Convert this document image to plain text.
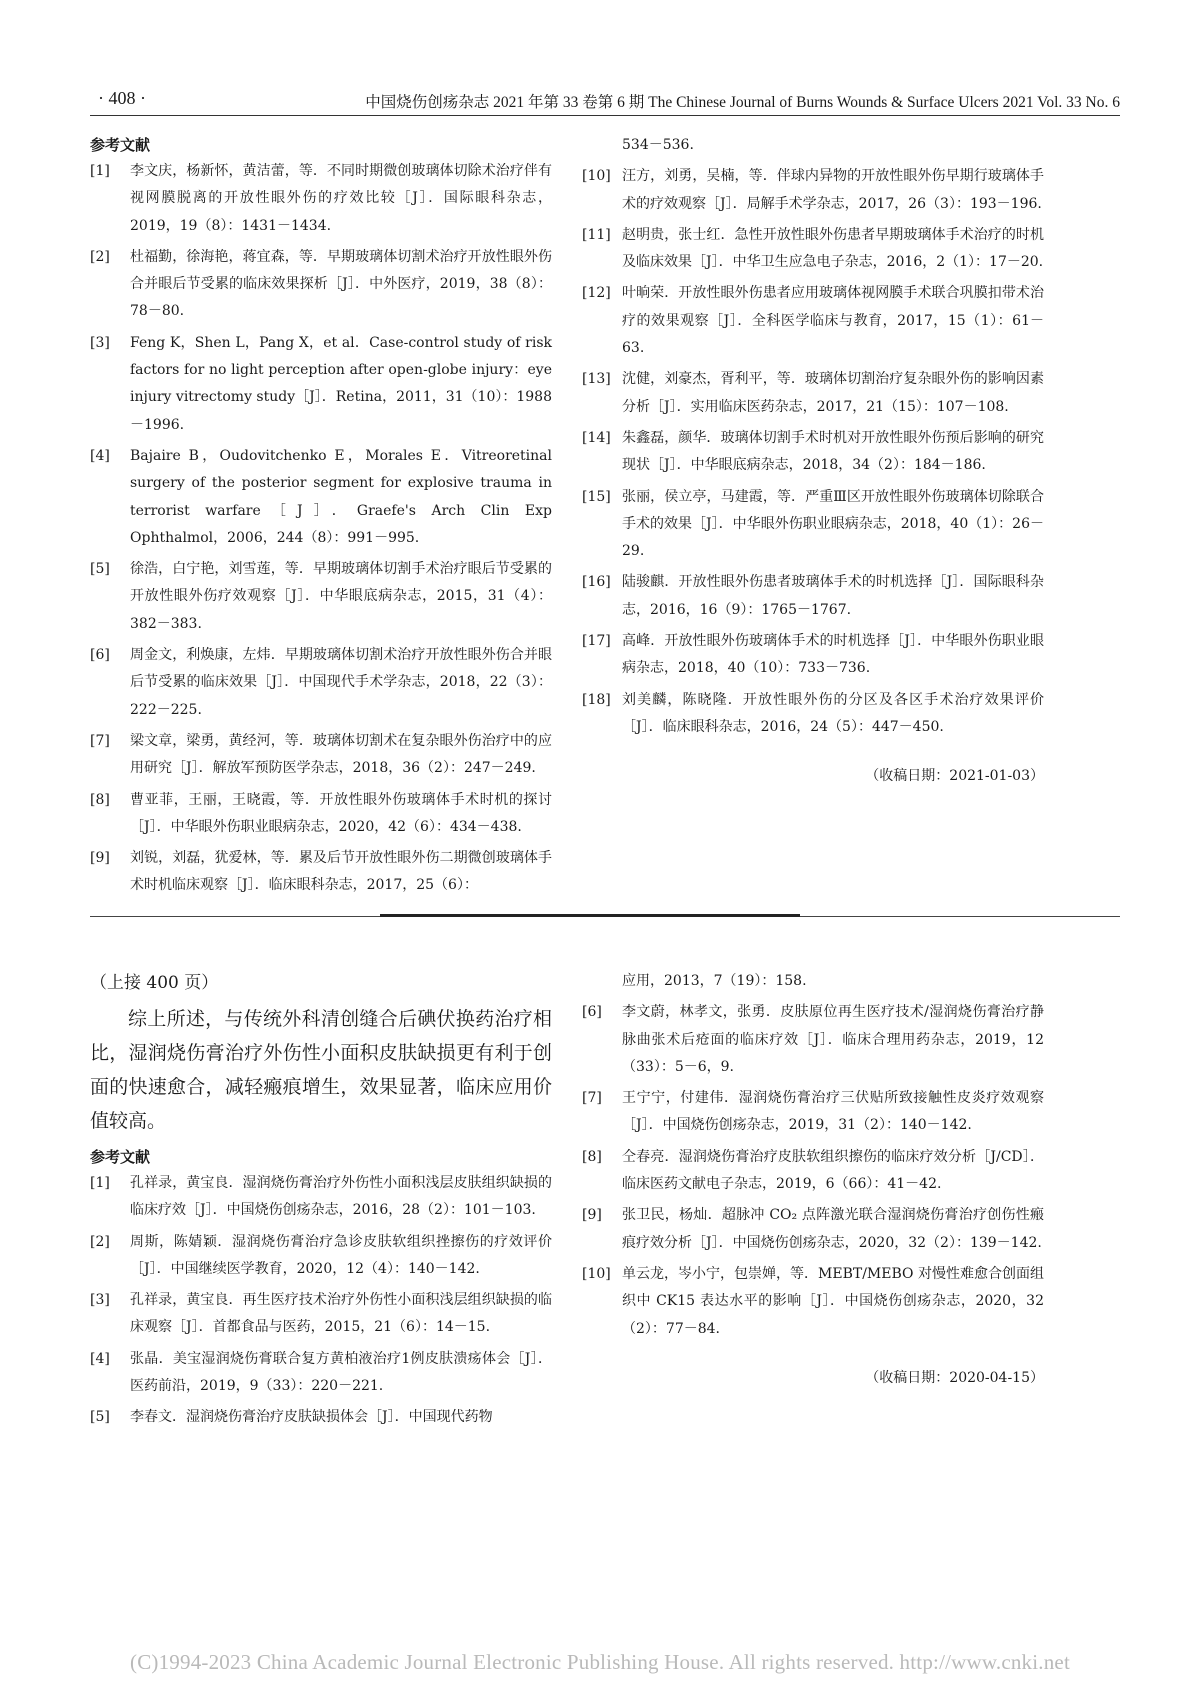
· 408 ·	中国烧伤创疡杂志 2021 年第 33 卷第 6 期 The Chinese Journal of Burns Wounds & Surface Ulcers 2021 Vol. 33 No. 6

参考文献

[1]	李文庆，杨新怀，黄洁蕾，等．不同时期微创玻璃体切除术治疗伴有视网膜脱离的开放性眼外伤的疗效比较［J］．国际眼科杂志，2019，19（8）：1431－1434.

[2]	杜福勤，徐海艳，蒋宜森，等．早期玻璃体切割术治疗开放性眼外伤合并眼后节受累的临床效果探析［J］．中外医疗，2019，38（8）：78－80.

[3]	Feng K，Shen L，Pang X，et al．Case-control study of risk factors for no light perception after open-globe injury：eye injury vitrectomy study［J］．Retina，2011，31（10）：1988－1996.

[4]	Bajaire B，Oudovitchenko E，Morales E．Vitreoretinal surgery of the posterior segment for explosive trauma in terrorist warfare［J］．Graefe's Arch Clin Exp Ophthalmol，2006，244（8）：991－995.

[5]	徐浩，白宁艳，刘雪莲，等．早期玻璃体切割手术治疗眼后节受累的开放性眼外伤疗效观察［J］．中华眼底病杂志，2015，31（4）：382－383.

[6]	周金文，利焕康，左炜．早期玻璃体切割术治疗开放性眼外伤合并眼后节受累的临床效果［J］．中国现代手术学杂志，2018，22（3）：222－225.

[7]	梁文章，梁勇，黄经河，等．玻璃体切割术在复杂眼外伤治疗中的应用研究［J］．解放军预防医学杂志，2018，36（2）：247－249.

[8]	曹亚菲，王丽，王晓霞，等．开放性眼外伤玻璃体手术时机的探讨［J］．中华眼外伤职业眼病杂志，2020，42（6）：434－438.

[9]	刘锐，刘磊，犹爱林，等．累及后节开放性眼外伤二期微创玻璃体手术时机临床观察［J］．临床眼科杂志，2017，25（6）：

534－536.

[10] 汪方，刘勇，吴楠，等．伴球内异物的开放性眼外伤早期行玻璃体手术的疗效观察［J］．局解手术学杂志，2017，26（3）：193－196.

[11] 赵明贵，张士红．急性开放性眼外伤患者早期玻璃体手术治疗的时机及临床效果［J］．中华卫生应急电子杂志，2016，2（1）：17－20.

[12] 叶晌荣．开放性眼外伤患者应用玻璃体视网膜手术联合巩膜扣带术治疗的效果观察［J］．全科医学临床与教育，2017，15（1）：61－63.

[13] 沈健，刘豪杰，胥利平，等．玻璃体切割治疗复杂眼外伤的影响因素分析［J］．实用临床医药杂志，2017，21（15）：107－108.

[14] 朱鑫磊，颜华．玻璃体切割手术时机对开放性眼外伤预后影响的研究现状［J］．中华眼底病杂志，2018，34（2）：184－186.

[15] 张丽，侯立亭，马建霞，等．严重Ⅲ区开放性眼外伤玻璃体切除联合手术的效果［J］．中华眼外伤职业眼病杂志，2018，40（1）：26－29.

[16] 陆骏麒．开放性眼外伤患者玻璃体手术的时机选择［J］．国际眼科杂志，2016，16（9）：1765－1767.

[17] 高峰．开放性眼外伤玻璃体手术的时机选择［J］．中华眼外伤职业眼病杂志，2018，40（10）：733－736.

[18] 刘美麟，陈晓隆．开放性眼外伤的分区及各区手术治疗效果评价［J］．临床眼科杂志，2016，24（5）：447－450.

（收稿日期：2021-01-03）
（上接 400 页）

综上所述，与传统外科清创缝合后碘伏换药治疗相比，湿润烧伤膏治疗外伤性小面积皮肤缺损更有利于创面的快速愈合，减轻瘢痕增生，效果显著，临床应用价值较高。

参考文献

[1]	孔祥录，黄宝良．湿润烧伤膏治疗外伤性小面积浅层皮肤组织缺损的临床疗效［J］．中国烧伤创疡杂志，2016，28（2）：101－103.

[2]	周斯，陈婧颖．湿润烧伤膏治疗急诊皮肤软组织挫擦伤的疗效评价［J］．中国继续医学教育，2020，12（4）：140－142.

[3]	孔祥录，黄宝良．再生医疗技术治疗外伤性小面积浅层组织缺损的临床观察［J］．首都食品与医药，2015，21（6）：14－15.

[4]	张晶．美宝湿润烧伤膏联合复方黄柏液治疗1例皮肤溃疡体会［J］．医药前沿，2019，9（33）：220－221.

[5]	李春文．湿润烧伤膏治疗皮肤缺损体会［J］．中国现代药物

应用，2013，7（19）：158.

[6]	李文蔚，林孝文，张勇．皮肤原位再生医疗技术/湿润烧伤膏治疗静脉曲张术后疮面的临床疗效［J］．临床合理用药杂志，2019，12（33）：5－6，9.

[7]	王宁宁，付建伟．湿润烧伤膏治疗三伏贴所致接触性皮炎疗效观察［J］．中国烧伤创疡杂志，2019，31（2）：140－142.

[8]	仝春亮．湿润烧伤膏治疗皮肤软组织擦伤的临床疗效分析［J/CD］．临床医药文献电子杂志，2019，6（66）：41－42.

[9]	张卫民，杨灿．超脉冲 CO₂ 点阵激光联合湿润烧伤膏治疗创伤性瘢痕疗效分析［J］．中国烧伤创疡杂志，2020，32（2）：139－142.

[10] 单云龙，岑小宁，包崇婵，等．MEBT/MEBO 对慢性难愈合创面组织中 CK15 表达水平的影响［J］．中国烧伤创疡杂志，2020，32（2）：77－84.

（收稿日期：2020-04-15）
(C)1994-2023 China Academic Journal Electronic Publishing House. All rights reserved. http://www.cnki.net
